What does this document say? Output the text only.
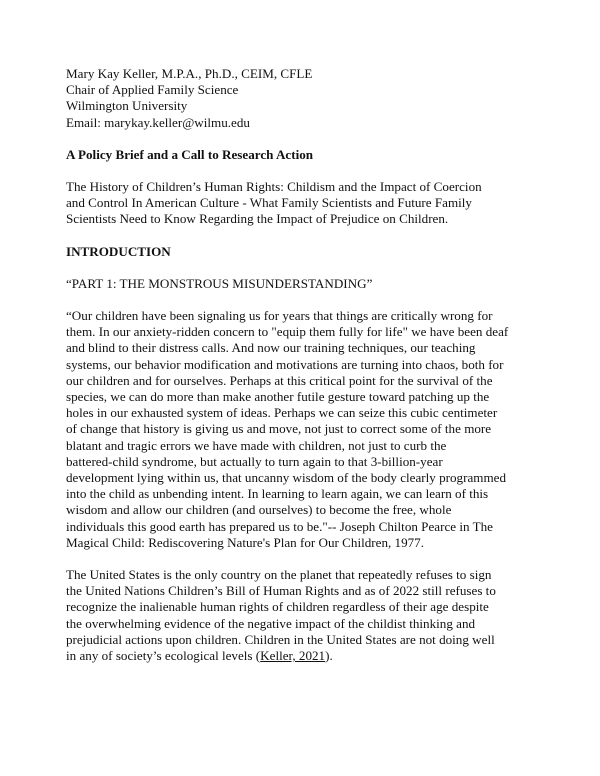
Mary Kay Keller, M.P.A., Ph.D., CEIM, CFLE
Chair of Applied Family Science
Wilmington University
Email: marykay.keller@wilmu.edu
A Policy Brief and a Call to Research Action
The History of Children’s Human Rights: Childism and the Impact of Coercion
and Control In American Culture - What Family Scientists and Future Family
Scientists Need to Know Regarding the Impact of Prejudice on Children.
INTRODUCTION
“PART 1: THE MONSTROUS MISUNDERSTANDING”
“Our children have been signaling us for years that things are critically wrong for
them. In our anxiety-ridden concern to "equip them fully for life" we have been deaf
and blind to their distress calls. And now our training techniques, our teaching
systems, our behavior modification and motivations are turning into chaos, both for
our children and for ourselves. Perhaps at this critical point for the survival of the
species, we can do more than make another futile gesture toward patching up the
holes in our exhausted system of ideas. Perhaps we can seize this cubic centimeter
of change that history is giving us and move, not just to correct some of the more
blatant and tragic errors we have made with children, not just to curb the
battered-child syndrome, but actually to turn again to that 3-billion-year
development lying within us, that uncanny wisdom of the body clearly programmed
into the child as unbending intent. In learning to learn again, we can learn of this
wisdom and allow our children (and ourselves) to become the free, whole
individuals this good earth has prepared us to be."-- Joseph Chilton Pearce in The
Magical Child: Rediscovering Nature's Plan for Our Children, 1977.
The United States is the only country on the planet that repeatedly refuses to sign
the United Nations Children’s Bill of Human Rights and as of 2022 still refuses to
recognize the inalienable human rights of children regardless of their age despite
the overwhelming evidence of the negative impact of the childist thinking and
prejudicial actions upon children. Children in the United States are not doing well
in any of society’s ecological levels (Keller, 2021).
